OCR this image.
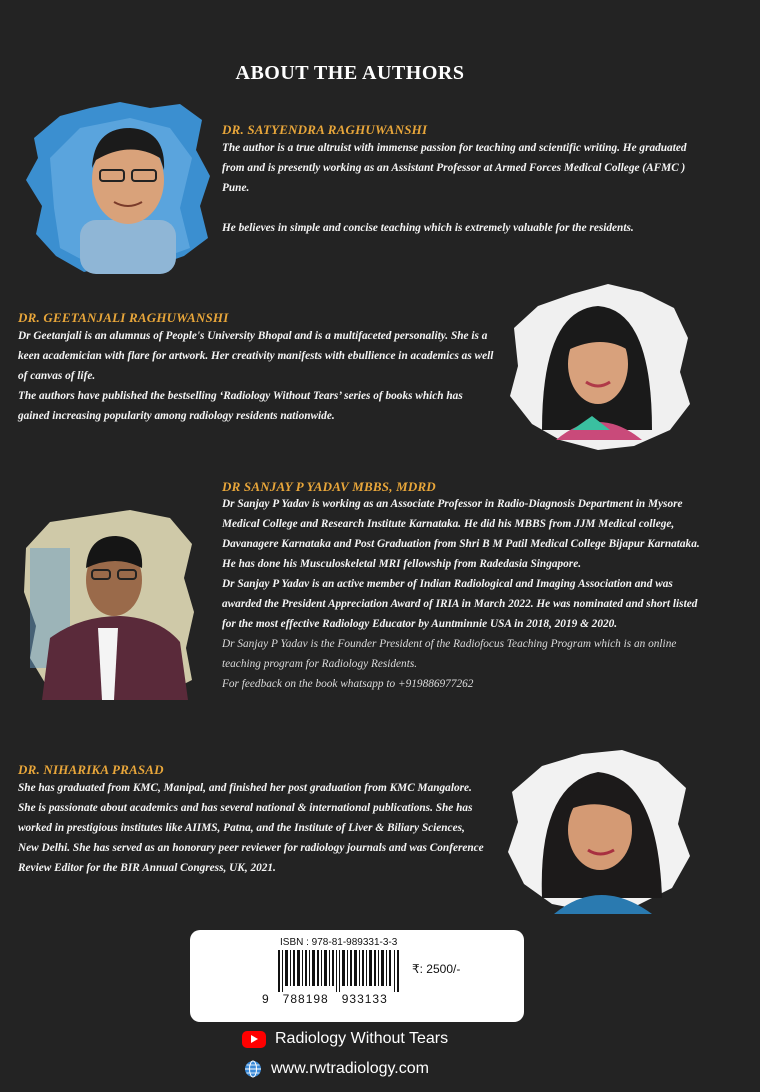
ABOUT THE AUTHORS
DR. SATYENDRA RAGHUWANSHI

The author is a true altruist with immense passion for teaching and scientific writing. He graduated from and is presently working as an Assistant Professor at Armed Forces Medical College (AFMC ) Pune.

He believes in simple and concise teaching which is extremely valuable for the residents.

DR. GEETANJALI RAGHUWANSHI

Dr Geetanjali is an alumnus of People's University Bhopal and is a multifaceted personality. She is a keen academician with flare for artwork. Her creativity manifests with ebullience in academics as well of canvas of life.

The authors have published the bestselling ‘Radiology Without Tears’ series of books which has gained increasing popularity among radiology residents nationwide.

DR SANJAY P YADAV MBBS, MDRD

Dr Sanjay P Yadav is working as an Associate Professor in Radio-Diagnosis Department in Mysore Medical College and Research Institute Karnataka. He did his MBBS from JJM Medical college, Davanagere Karnataka and Post Graduation from Shri B M Patil Medical College Bijapur Karnataka. He has done his Musculoskeletal MRI fellowship from Radedasia Singapore.

Dr Sanjay P Yadav is an active member of Indian Radiological and Imaging Association and was awarded the President Appreciation Award of IRIA in March 2022. He was nominated and short listed for the most effective Radiology Educator by Auntminnie USA in 2018, 2019 & 2020.

Dr Sanjay P Yadav is the Founder President of the Radiofocus Teaching Program which is an online teaching program for Radiology Residents.

For feedback on the book whatsapp to +919886977262

DR. NIHARIKA PRASAD

She has graduated from KMC, Manipal, and finished her post graduation from KMC Mangalore. She is passionate about academics and has several national & international publications. She has worked in prestigious institutes like AIIMS, Patna, and the Institute of Liver & Biliary Sciences, New Delhi. She has served as an honorary peer reviewer for radiology journals and was Conference Review Editor for the BIR Annual Congress, UK, 2021.

ISBN : 978-81-989331-3-3
9   788198   933133
₹: 2500/-
Radiology Without Tears
www.rwtradiology.com
